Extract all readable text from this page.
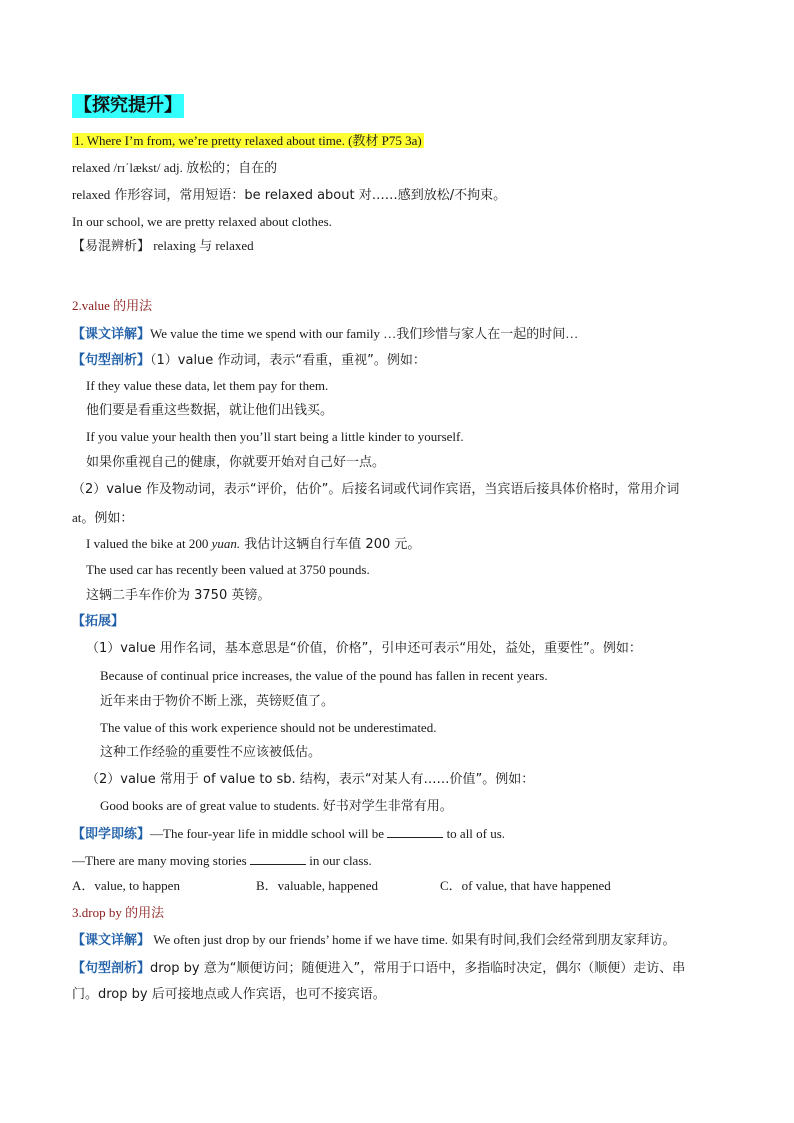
【探究提升】
1. Where I’m from, we’re pretty relaxed about time. (教材 P75 3a)
relaxed /rɪˈlækst/ adj. 放松的；自在的
relaxed 作形容词，常用短语：be relaxed about 对……感到放松/不拘束。
In our school, we are pretty relaxed about clothes.
【易混辨析】 relaxing 与 relaxed
2.value 的用法
【课文详解】We value the time we spend with our family …我们珍惜与家人在一起的时间…
【句型剖析】（1）value 作动词，表示“看重，重视”。例如：
If they value these data, let them pay for them.
他们要是看重这些数据，就让他们出钱买。
If you value your health then you’ll start being a little kinder to yourself.
如果你重视自己的健康，你就要开始对自己好一点。
（2）value 作及物动词，表示“评价，估价”。后接名词或代词作宾语，当宾语后接具体价格时，常用介词
at。例如：
I valued the bike at 200 yuan. 我估计这辆自行车值 200 元。
The used car has recently been valued at 3750 pounds.
这辆二手车作价为 3750 英镑。
【拓展】
（1）value 用作名词，基本意思是“价值，价格”，引申还可表示“用处，益处，重要性”。例如：
Because of continual price increases, the value of the pound has fallen in recent years.
近年来由于物价不断上涨，英镑贬值了。
The value of this work experience should not be underestimated.
这种工作经验的重要性不应该被低估。
（2）value 常用于 of value to sb. 结构，表示“对某人有……价值”。例如：
Good books are of great value to students. 好书对学生非常有用。
【即学即练】—The four-year life in middle school will be	to all of us.
—There are many moving stories	in our class.
A．value, to happen	B．valuable, happened	C．of value, that have happened
3.drop by 的用法
【课文详解】 We often just drop by our friends’ home if we have time. 如果有时间,我们会经常到朋友家拜访。
【句型剖析】drop by 意为“顺便访问；随便进入”，常用于口语中，多指临时决定，偶尔（顺便）走访、串
门。drop by 后可接地点或人作宾语，也可不接宾语。
